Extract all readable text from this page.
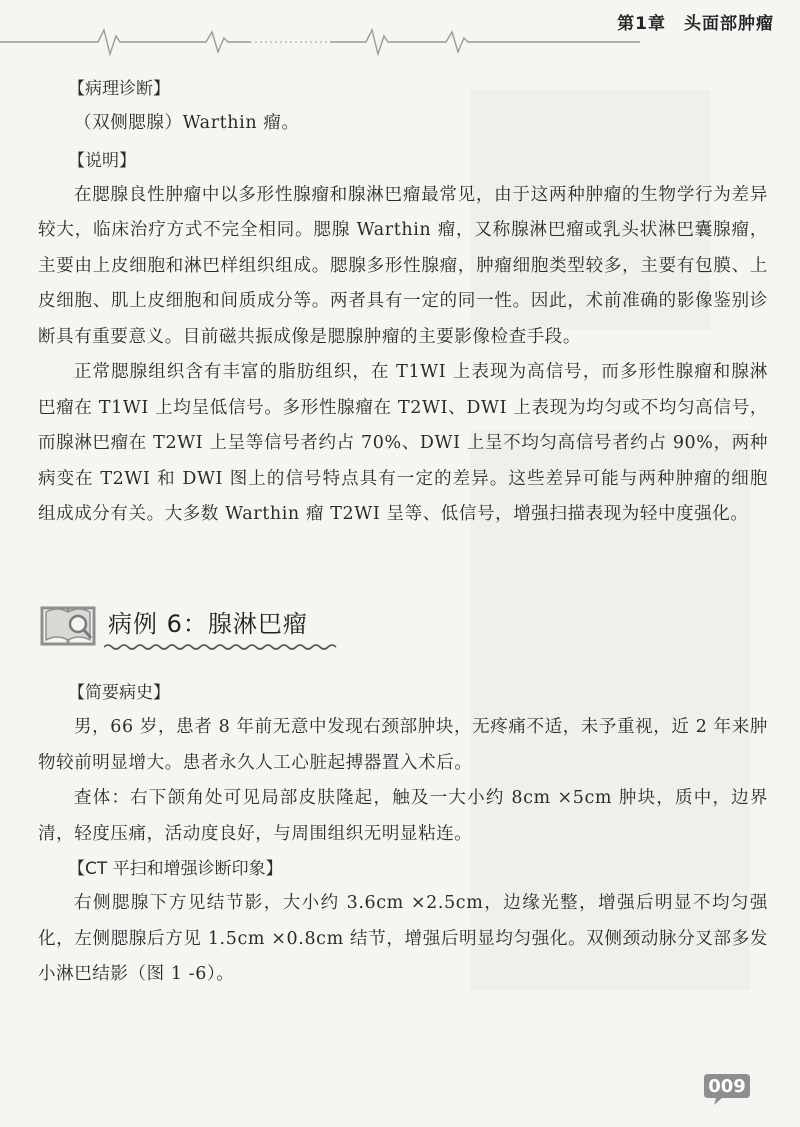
第1章　头面部肿瘤
【病理诊断】

（双侧腮腺）Warthin 瘤。

【说明】

在腮腺良性肿瘤中以多形性腺瘤和腺淋巴瘤最常见，由于这两种肿瘤的生物学行为差异较大，临床治疗方式不完全相同。腮腺 Warthin 瘤，又称腺淋巴瘤或乳头状淋巴囊腺瘤，主要由上皮细胞和淋巴样组织组成。腮腺多形性腺瘤，肿瘤细胞类型较多，主要有包膜、上皮细胞、肌上皮细胞和间质成分等。两者具有一定的同一性。因此，术前准确的影像鉴别诊断具有重要意义。目前磁共振成像是腮腺肿瘤的主要影像检查手段。

正常腮腺组织含有丰富的脂肪组织，在 T1WI 上表现为高信号，而多形性腺瘤和腺淋巴瘤在 T1WI 上均呈低信号。多形性腺瘤在 T2WI、DWI 上表现为均匀或不均匀高信号，而腺淋巴瘤在 T2WI 上呈等信号者约占 70%、DWI 上呈不均匀高信号者约占 90%，两种病变在 T2WI 和 DWI 图上的信号特点具有一定的差异。这些差异可能与两种肿瘤的细胞组成成分有关。大多数 Warthin 瘤 T2WI 呈等、低信号，增强扫描表现为轻中度强化。

病例 6：腺淋巴瘤
【简要病史】

男，66 岁，患者 8 年前无意中发现右颈部肿块，无疼痛不适，未予重视，近 2 年来肿物较前明显增大。患者永久人工心脏起搏器置入术后。

查体：右下颌角处可见局部皮肤隆起，触及一大小约 8cm ×5cm 肿块，质中，边界清，轻度压痛，活动度良好，与周围组织无明显粘连。

【CT 平扫和增强诊断印象】

右侧腮腺下方见结节影，大小约 3.6cm ×2.5cm，边缘光整，增强后明显不均匀强化，左侧腮腺后方见 1.5cm ×0.8cm 结节，增强后明显均匀强化。双侧颈动脉分叉部多发小淋巴结影（图 1 -6）。

009
